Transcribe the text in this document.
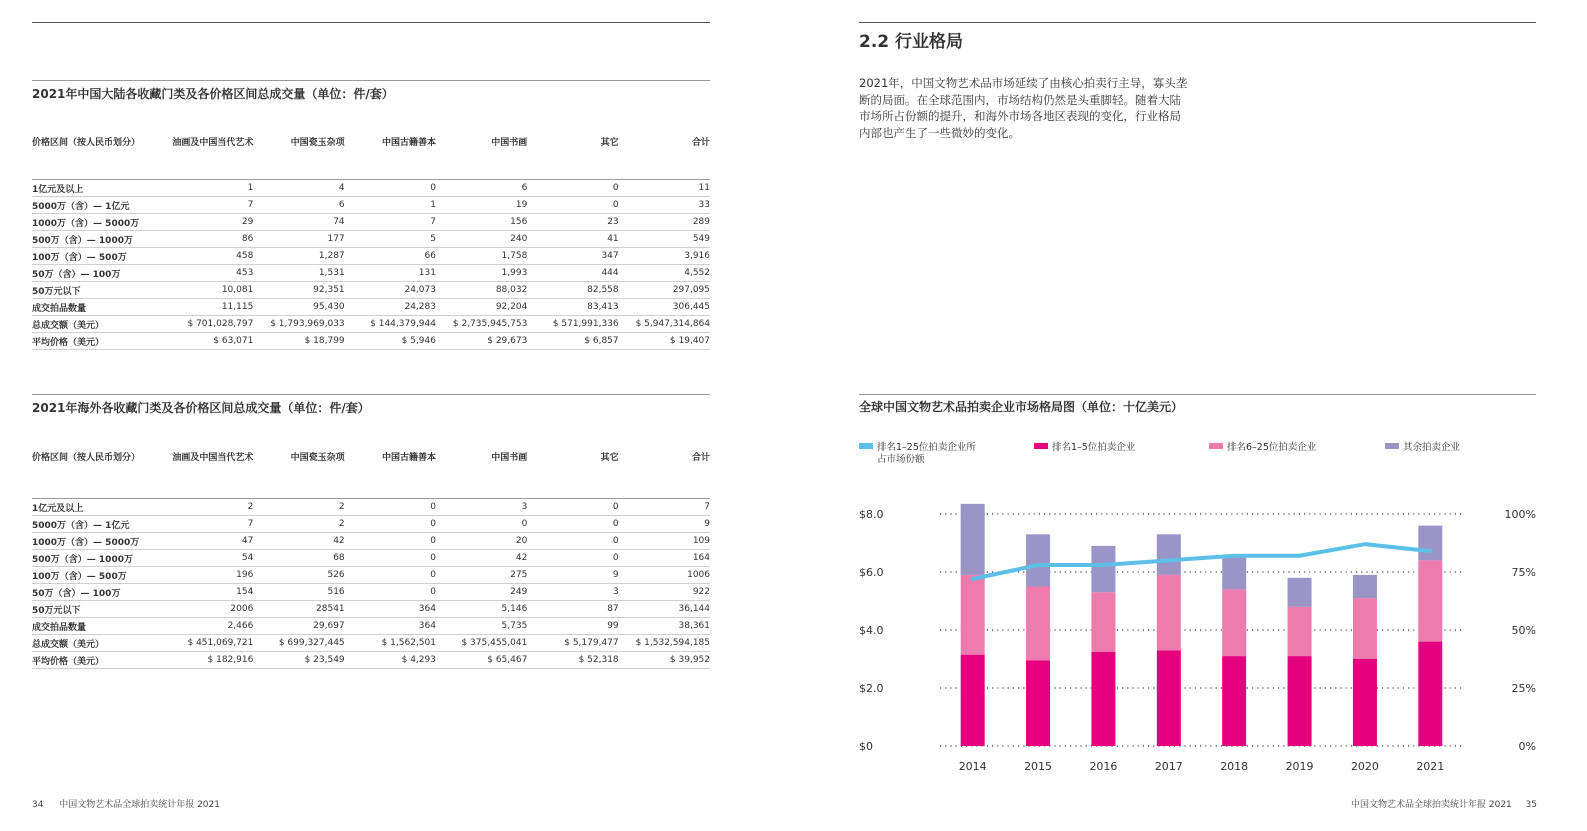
2021年中国大陆各收藏门类及各价格区间总成交量（单位：件/套）
价格区间（按人民币划分）	油画及中国当代艺术	中国瓷玉杂项	中国古籍善本	中国书画	其它	合计

1亿元及以上	1	4	0	6	0	11
5000万（含）— 1亿元	7	6	1	19	0	33
1000万（含）— 5000万	29	74	7	156	23	289
500万（含）— 1000万	86	177	5	240	41	549
100万（含）— 500万	458	1,287	66	1,758	347	3,916
50万（含）— 100万	453	1,531	131	1,993	444	4,552
50万元以下	10,081	92,351	24,073	88,032	82,558	297,095
成交拍品数量	11,115	95,430	24,283	92,204	83,413	306,445
总成交额（美元）	$ 701,028,797	$ 1,793,969,033	$ 144,379,944	$ 2,735,945,753	$ 571,991,336	$ 5,947,314,864
平均价格（美元）	$ 63,071	$ 18,799	$ 5,946	$ 29,673	$ 6,857	$ 19,407
2021年海外各收藏门类及各价格区间总成交量（单位：件/套）
价格区间（按人民币划分）	油画及中国当代艺术	中国瓷玉杂项	中国古籍善本	中国书画	其它	合计

1亿元及以上	2	2	0	3	0	7
5000万（含）— 1亿元	7	2	0	0	0	9
1000万（含）— 5000万	47	42	0	20	0	109
500万（含）— 1000万	54	68	0	42	0	164
100万（含）— 500万	196	526	0	275	9	1006
50万（含）— 100万	154	516	0	249	3	922
50万元以下	2006	28541	364	5,146	87	36,144
成交拍品数量	2,466	29,697	364	5,735	99	38,361
总成交额（美元）	$ 451,069,721	$ 699,327,445	$ 1,562,501	$ 375,455,041	$ 5,179,477	$ 1,532,594,185
平均价格（美元）	$ 182,916	$ 23,549	$ 4,293	$ 65,467	$ 52,318	$ 39,952
34 中国文物艺术品全球拍卖统计年报 2021
2.2 行业格局
2021年，中国文物艺术品市场延续了由核心拍卖行主导，寡头垄断的局面。在全球范围内，市场结构仍然是头重脚轻。随着大陆市场所占份额的提升，和海外市场各地区表现的变化，行业格局内部也产生了一些微妙的变化。
全球中国文物艺术品拍卖企业市场格局图（单位：十亿美元）
排名1–25位拍卖企业所
占市场份额
排名1–5位拍卖企业	排名6–25位拍卖企业	其余拍卖企业
$0
$2.0
$4.0
$6.0
$8.0
0%
25%
50%
75%
100%
2014	2015	2016	2017	2018	2019	2020	2021
中国文物艺术品全球拍卖统计年报 2021 35
